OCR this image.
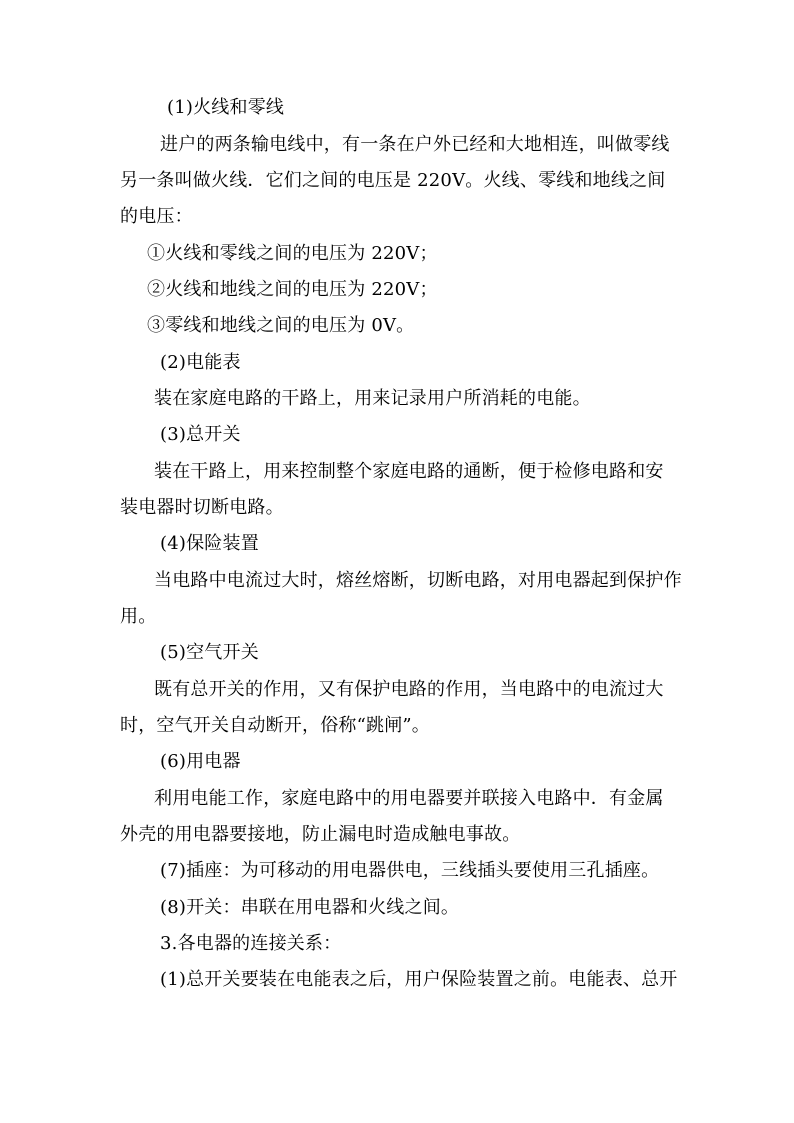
(1)火线和零线
进户的两条输电线中，有一条在户外已经和大地相连，叫做零线
另一条叫做火线．它们之间的电压是 220V。火线、零线和地线之间
的电压：
①火线和零线之间的电压为 220V；
②火线和地线之间的电压为 220V；
③零线和地线之间的电压为 0V。
(2)电能表
装在家庭电路的干路上，用来记录用户所消耗的电能。
(3)总开关
装在干路上，用来控制整个家庭电路的通断，便于检修电路和安
装电器时切断电路。
(4)保险装置
当电路中电流过大时，熔丝熔断，切断电路，对用电器起到保护作
用。
(5)空气开关
既有总开关的作用，又有保护电路的作用，当电路中的电流过大
时，空气开关自动断开，俗称“跳闸”。
(6)用电器
利用电能工作，家庭电路中的用电器要并联接入电路中．有金属
外壳的用电器要接地，防止漏电时造成触电事故。
(7)插座：为可移动的用电器供电，三线插头要使用三孔插座。
(8)开关：串联在用电器和火线之间。
3.各电器的连接关系：
(1)总开关要装在电能表之后，用户保险装置之前。电能表、总开
